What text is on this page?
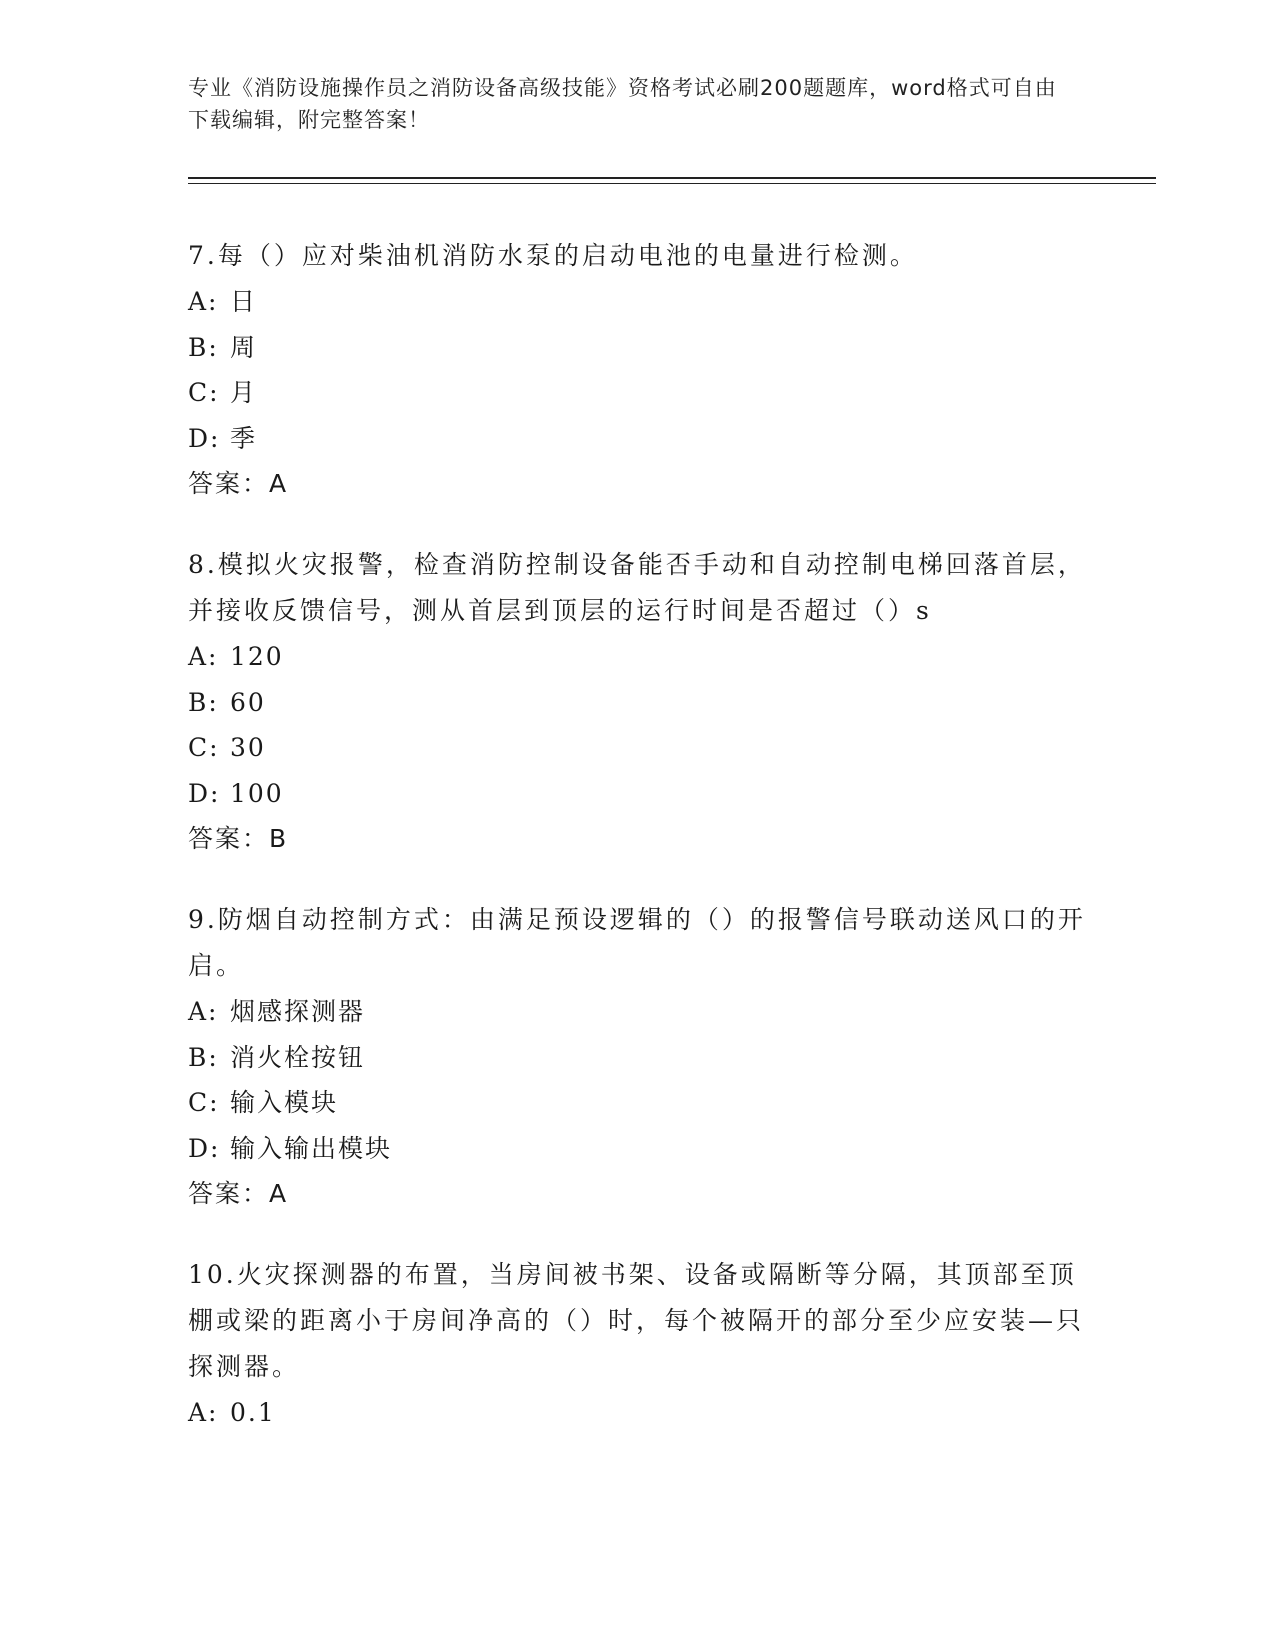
专业《消防设施操作员之消防设备高级技能》资格考试必刷200题题库，word格式可自由下载编辑，附完整答案！

7.每（）应对柴油机消防水泵的启动电池的电量进行检测。

A: 日

B: 周

C: 月

D: 季

答案：A

8.模拟火灾报警，检查消防控制设备能否手动和自动控制电梯回落首层，并接收反馈信号，测从首层到顶层的运行时间是否超过（）s

A: 120

B: 60

C: 30

D: 100

答案：B

9.防烟自动控制方式：由满足预设逻辑的（）的报警信号联动送风口的开启。

A: 烟感探测器

B: 消火栓按钮

C: 输入模块

D: 输入输出模块

答案：A

10.火灾探测器的布置，当房间被书架、设备或隔断等分隔，其顶部至顶棚或梁的距离小于房间净高的（）时，每个被隔开的部分至少应安装—只探测器。

A: 0.1
